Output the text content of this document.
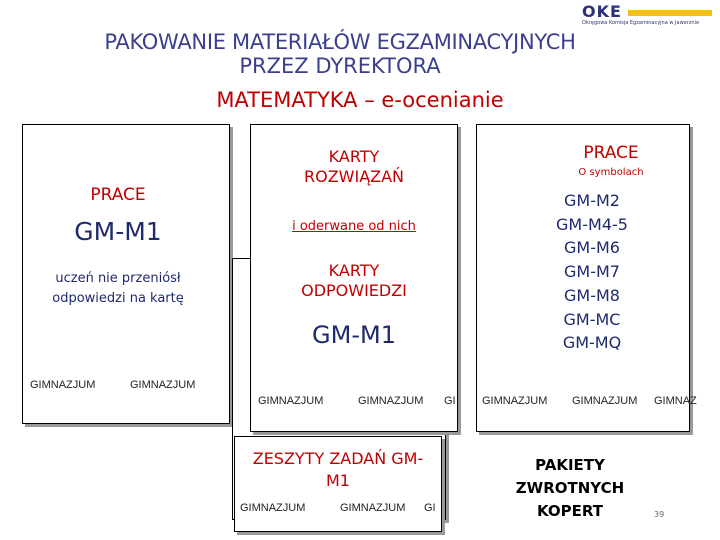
OKE
Okręgowa Komisja Egzaminacyjna w Jaworznie
PAKOWANIE MATERIAŁÓW EGZAMINACYJNYCH
PRZEZ DYREKTORA
MATEMATYKA – e-ocenianie
PRACE
GM-M1
uczeń nie przeniósł
odpowiedzi na kartę
GIMNAZJUM	GIMNAZJUM
KARTY
ROZWIĄZAŃ
i oderwane od nich
KARTY
ODPOWIEDZI
GM-M1
GIMNAZJUM	GIMNAZJUM GI
PRACE
O symbolach
GM-M2
GM-M4-5
GM-M6
GM-M7
GM-M8
GM-MC
GM-MQ
GIMNAZJUM GIMNAZJUM GIMNAZ
ZESZYTY ZADAŃ GM-
M1
GIMNAZJUM	GIMNAZJUM GI
PAKIETY
ZWROTNYCH
KOPERT	39
